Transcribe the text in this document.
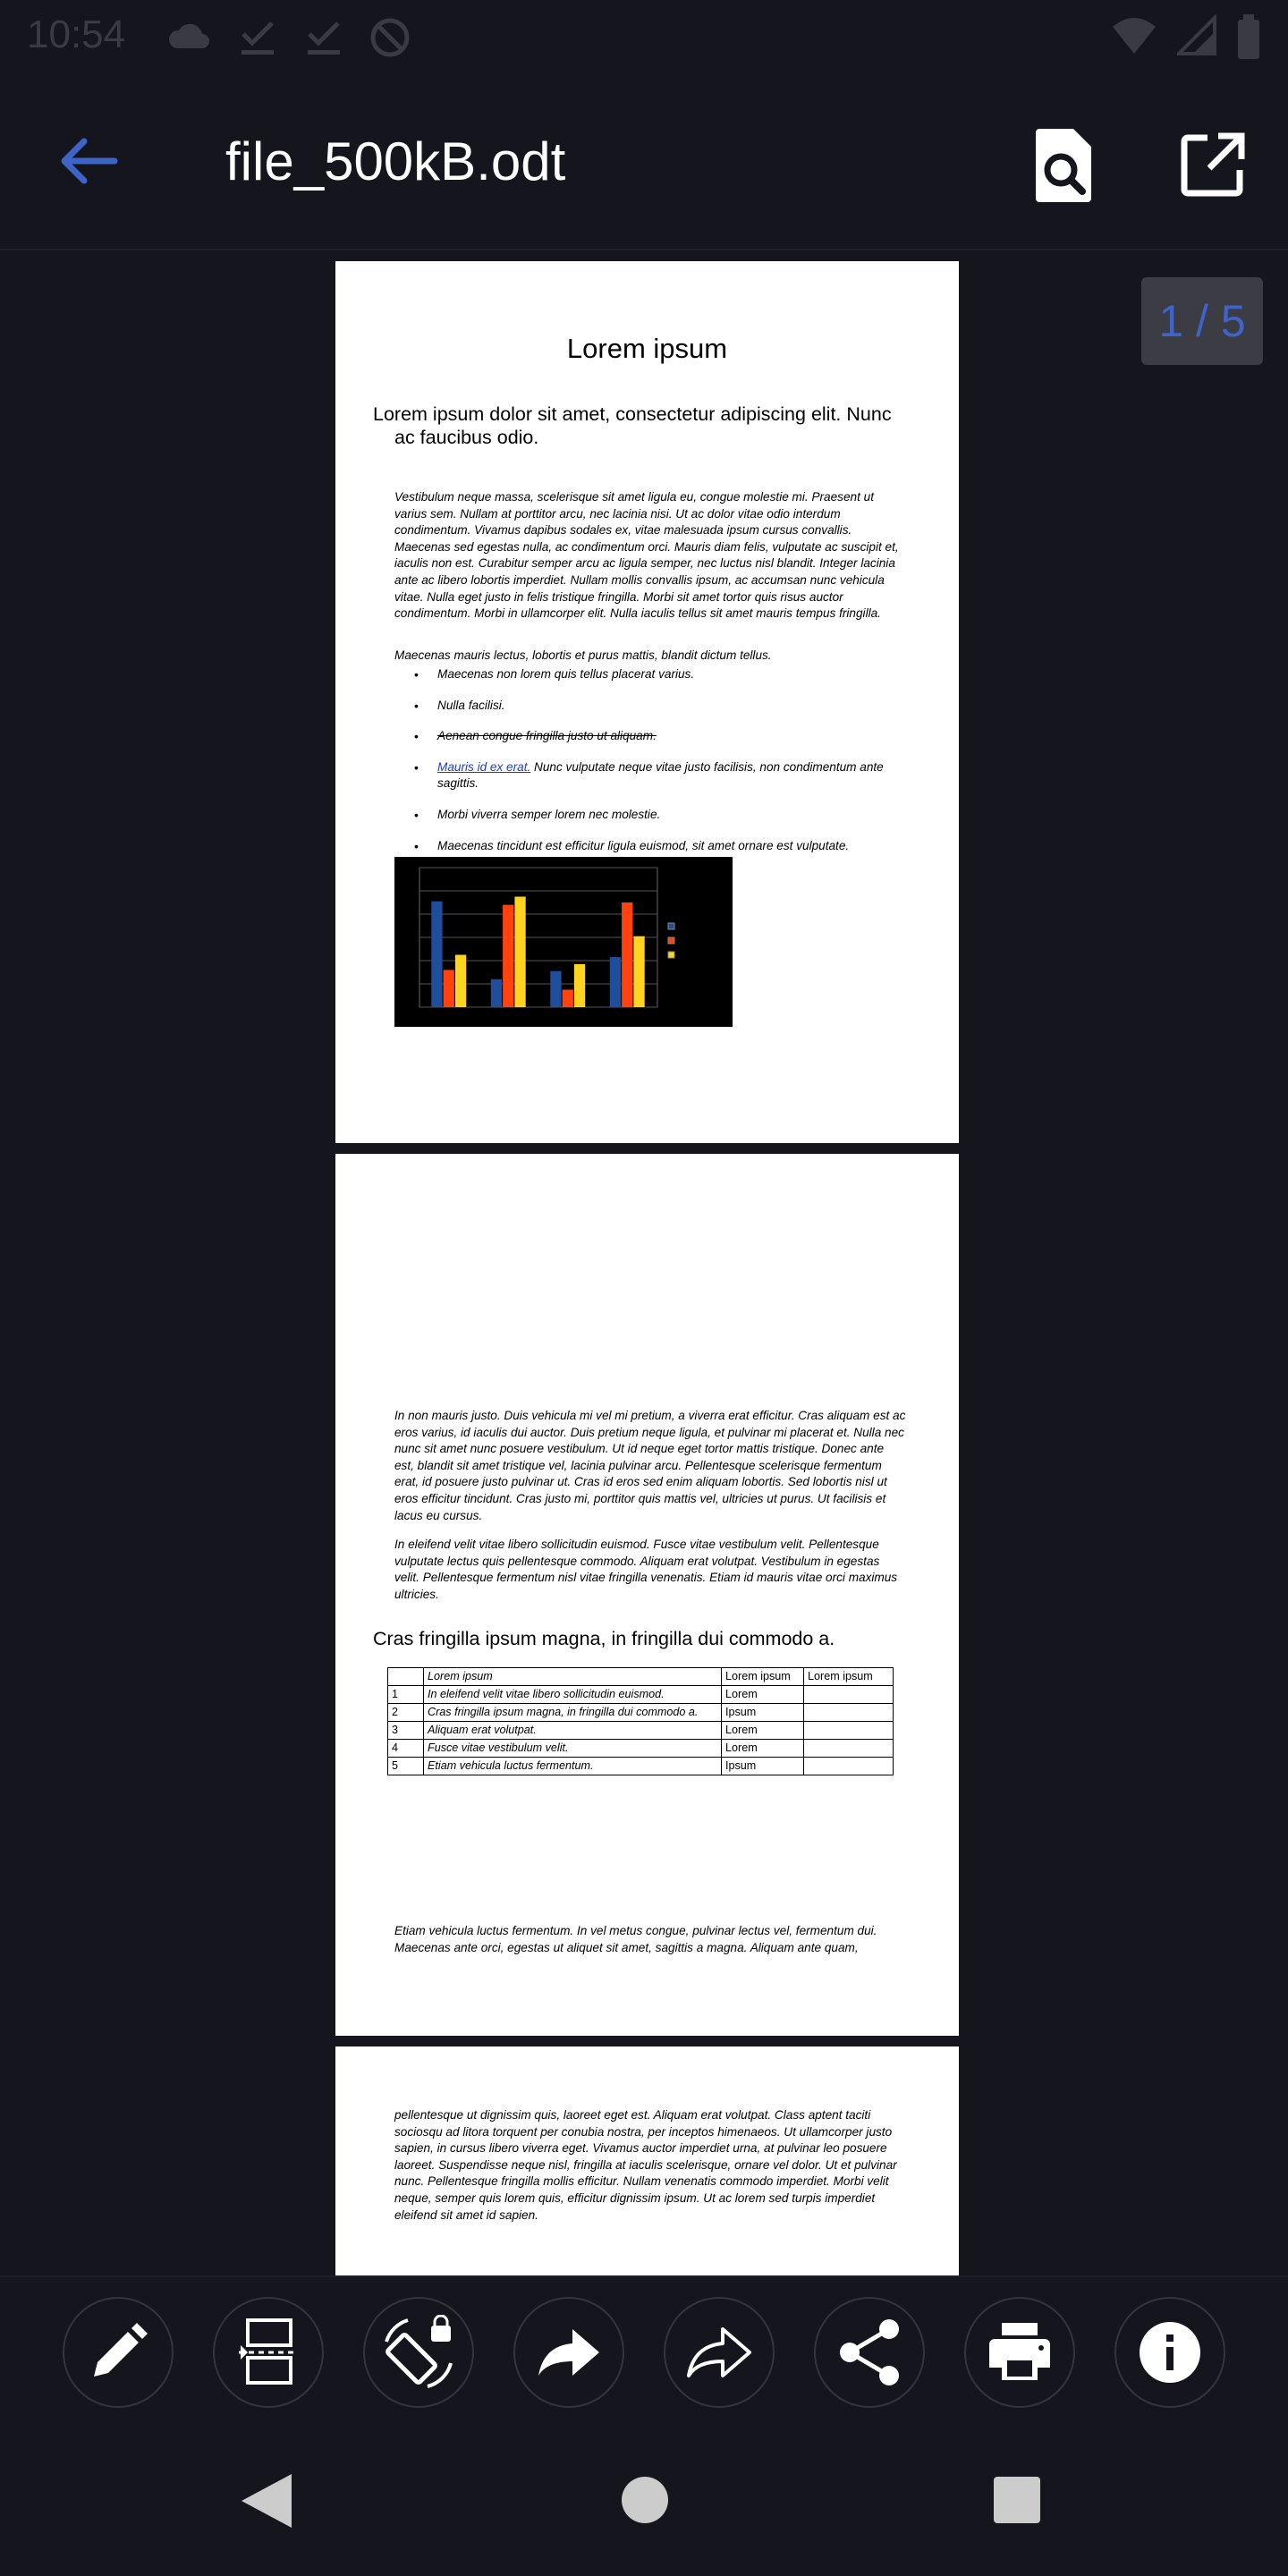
10:54
file_500kB.odt
Lorem ipsum
Lorem ipsum dolor sit amet, consectetur adipiscing elit. Nunc ac faucibus odio.
Vestibulum neque massa, scelerisque sit amet ligula eu, congue molestie mi. Praesent ut varius sem. Nullam at porttitor arcu, nec lacinia nisi. Ut ac dolor vitae odio interdum condimentum. Vivamus dapibus sodales ex, vitae malesuada ipsum cursus convallis. Maecenas sed egestas nulla, ac condimentum orci. Mauris diam felis, vulputate ac suscipit et, iaculis non est. Curabitur semper arcu ac ligula semper, nec luctus nisl blandit. Integer lacinia ante ac libero lobortis imperdiet. Nullam mollis convallis ipsum, ac accumsan nunc vehicula vitae. Nulla eget justo in felis tristique fringilla. Morbi sit amet tortor quis risus auctor condimentum. Morbi in ullamcorper elit. Nulla iaculis tellus sit amet mauris tempus fringilla.
Maecenas mauris lectus, lobortis et purus mattis, blandit dictum tellus.
• Maecenas non lorem quis tellus placerat varius.
• Nulla facilisi.
• Aenean congue fringilla justo ut aliquam.
• Mauris id ex erat. Nunc vulputate neque vitae justo facilisis, non condimentum ante sagittis.
• Morbi viverra semper lorem nec molestie.
• Maecenas tincidunt est efficitur ligula euismod, sit amet ornare est vulputate.
In non mauris justo. Duis vehicula mi vel mi pretium, a viverra erat efficitur. Cras aliquam est ac eros varius, id iaculis dui auctor. Duis pretium neque ligula, et pulvinar mi placerat et. Nulla nec nunc sit amet nunc posuere vestibulum. Ut id neque eget tortor mattis tristique. Donec ante est, blandit sit amet tristique vel, lacinia pulvinar arcu. Pellentesque scelerisque fermentum erat, id posuere justo pulvinar ut. Cras id eros sed enim aliquam lobortis. Sed lobortis nisl ut eros efficitur tincidunt. Cras justo mi, porttitor quis mattis vel, ultricies ut purus. Ut facilisis et lacus eu cursus.
In eleifend velit vitae libero sollicitudin euismod. Fusce vitae vestibulum velit. Pellentesque vulputate lectus quis pellentesque commodo. Aliquam erat volutpat. Vestibulum in egestas velit. Pellentesque fermentum nisl vitae fringilla venenatis. Etiam id mauris vitae orci maximus ultricies.
Cras fringilla ipsum magna, in fringilla dui commodo a.
	Lorem ipsum	Lorem ipsum	Lorem ipsum
1	In eleifend velit vitae libero sollicitudin euismod.	Lorem	
2	Cras fringilla ipsum magna, in fringilla dui commodo a.	Ipsum	
3	Aliquam erat volutpat.	Lorem	
4	Fusce vitae vestibulum velit.	Lorem	
5	Etiam vehicula luctus fermentum.	Ipsum	
Etiam vehicula luctus fermentum. In vel metus congue, pulvinar lectus vel, fermentum dui. Maecenas ante orci, egestas ut aliquet sit amet, sagittis a magna. Aliquam ante quam,
pellentesque ut dignissim quis, laoreet eget est. Aliquam erat volutpat. Class aptent taciti sociosqu ad litora torquent per conubia nostra, per inceptos himenaeos. Ut ullamcorper justo sapien, in cursus libero viverra eget. Vivamus auctor imperdiet urna, at pulvinar leo posuere laoreet. Suspendisse neque nisl, fringilla at iaculis scelerisque, ornare vel dolor. Ut et pulvinar nunc. Pellentesque fringilla mollis efficitur. Nullam venenatis commodo imperdiet. Morbi velit neque, semper quis lorem quis, efficitur dignissim ipsum. Ut ac lorem sed turpis imperdiet eleifend sit amet id sapien.
1 / 5
